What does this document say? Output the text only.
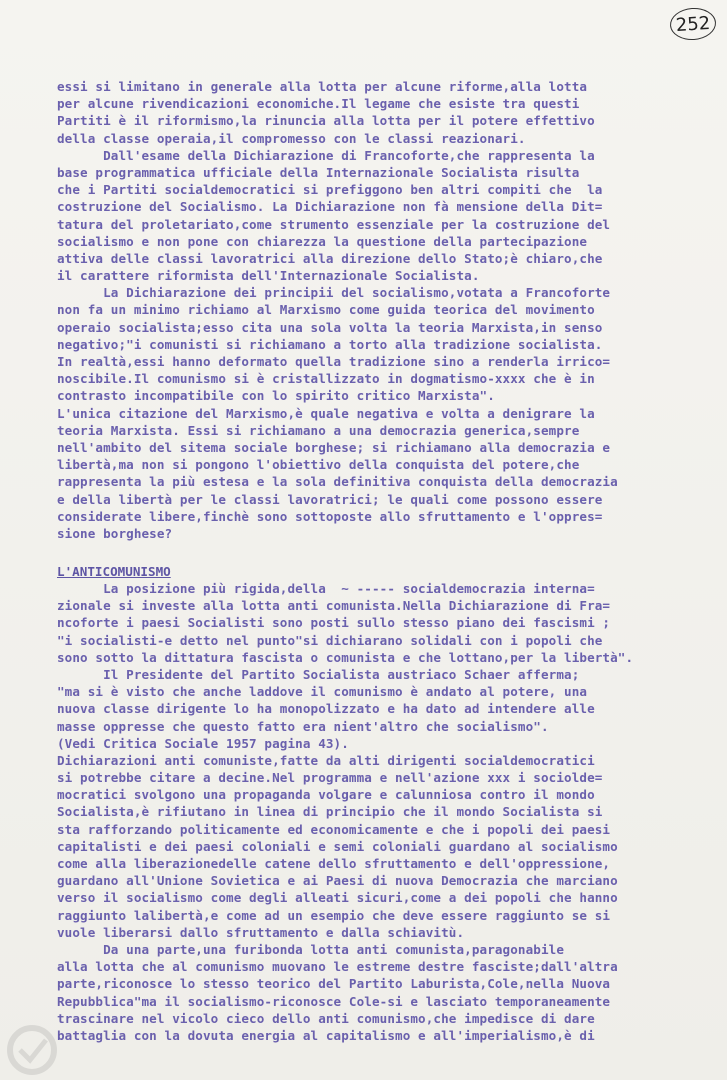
252
essi si limitano in generale alla lotta per alcune riforme,alla lotta
per alcune rivendicazioni economiche.Il legame che esiste tra questi
Partiti è il riformismo,la rinuncia alla lotta per il potere effettivo
della classe operaia,il compromesso con le classi reazionari.
Dall'esame della Dichiarazione di Francoforte,che rappresenta la
base programmatica ufficiale della Internazionale Socialista risulta
che i Partiti socialdemocratici si prefiggono ben altri compiti che  la
costruzione del Socialismo. La Dichiarazione non fà mensione della Dit=
tatura del proletariato,come strumento essenziale per la costruzione del
socialismo e non pone con chiarezza la questione della partecipazione
attiva delle classi lavoratrici alla direzione dello Stato;è chiaro,che
il carattere riformista dell'Internazionale Socialista.
La Dichiarazione dei principii del socialismo,votata a Francoforte
non fa un minimo richiamo al Marxismo come guida teorica del movimento
operaio socialista;esso cita una sola volta la teoria Marxista,in senso
negativo;"i comunisti si richiamano a torto alla tradizione socialista.
In realtà,essi hanno deformato quella tradizione sino a renderla irrico=
noscibile.Il comunismo si è cristallizzato in dogmatismo-xxxx che è in
contrasto incompatibile con lo spirito critico Marxista".
L'unica citazione del Marxismo,è quale negativa e volta a denigrare la
teoria Marxista. Essi si richiamano a una democrazia generica,sempre
nell'ambito del sitema sociale borghese; si richiamano alla democrazia e
libertà,ma non si pongono l'obiettivo della conquista del potere,che
rappresenta la più estesa e la sola definitiva conquista della democrazia
e della libertà per le classi lavoratrici; le quali come possono essere
considerate libere,finchè sono sottoposte allo sfruttamento e l'oppres=
sione borghese?
L'ANTICOMUNISMO
La posizione più rigida,della  ~ ----- socialdemocrazia interna=
zionale si investe alla lotta anti comunista.Nella Dichiarazione di Fra=
ncoforte i paesi Socialisti sono posti sullo stesso piano dei fascismi ;
"i socialisti-e detto nel punto"si dichiarano solidali con i popoli che
sono sotto la dittatura fascista o comunista e che lottano,per la libertà".
Il Presidente del Partito Socialista austriaco Schaer afferma;
"ma si è visto che anche laddove il comunismo è andato al potere, una
nuova classe dirigente lo ha monopolizzato e ha dato ad intendere alle
masse oppresse che questo fatto era nient'altro che socialismo".
(Vedi Critica Sociale 1957 pagina 43).
Dichiarazioni anti comuniste,fatte da alti dirigenti socialdemocratici
si potrebbe citare a decine.Nel programma e nell'azione xxx i sociolde=
mocratici svolgono una propaganda volgare e calunniosa contro il mondo
Socialista,è rifiutano in linea di principio che il mondo Socialista si
sta rafforzando politicamente ed economicamente e che i popoli dei paesi
capitalisti e dei paesi coloniali e semi coloniali guardano al socialismo
come alla liberazionedelle catene dello sfruttamento e dell'oppressione,
guardano all'Unione Sovietica e ai Paesi di nuova Democrazia che marciano
verso il socialismo come degli alleati sicuri,come a dei popoli che hanno
raggiunto lalibertà,e come ad un esempio che deve essere raggiunto se si
vuole liberarsi dallo sfruttamento e dalla schiavitù.
Da una parte,una furibonda lotta anti comunista,paragonabile
alla lotta che al comunismo muovano le estreme destre fasciste;dall'altra
parte,riconosce lo stesso teorico del Partito Laburista,Cole,nella Nuova
Repubblica"ma il socialismo-riconosce Cole-si e lasciato temporaneamente
trascinare nel vicolo cieco dello anti comunismo,che impedisce di dare
battaglia con la dovuta energia al capitalismo e all'imperialismo,è di
